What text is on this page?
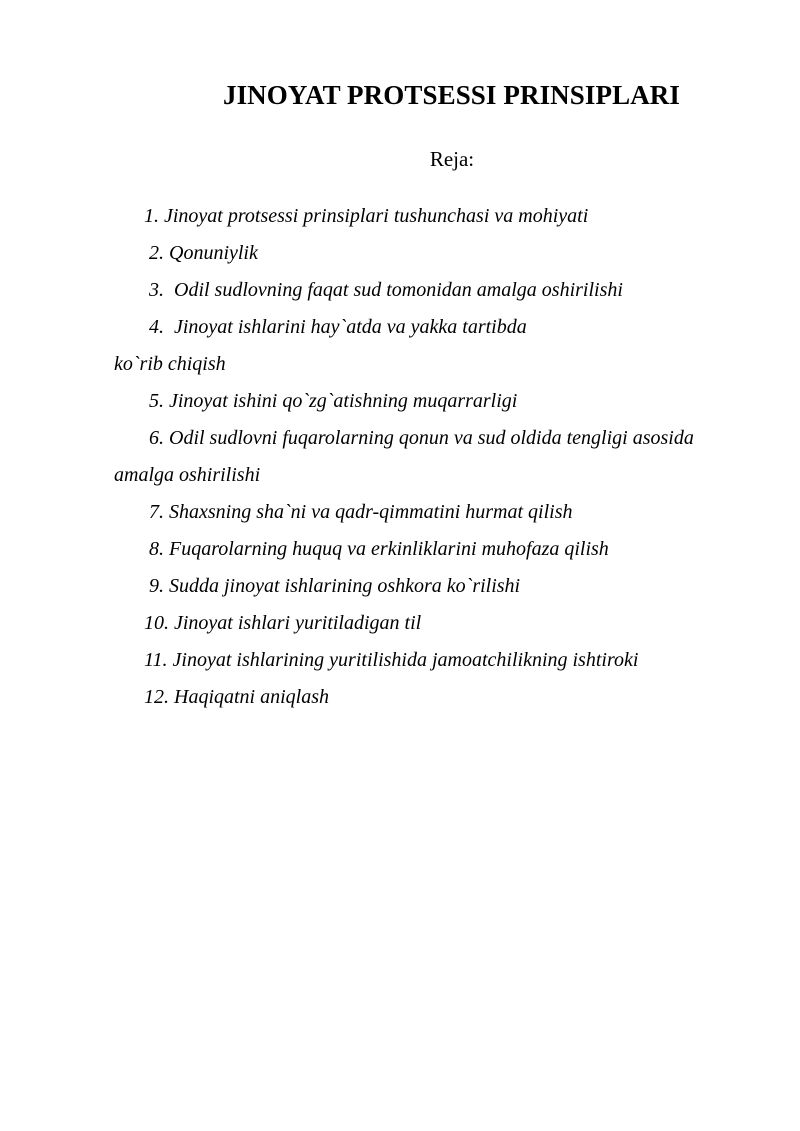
JINOYAT PROTSESSI PRINSIPLARI

Reja:

1. Jinoyat protsessi prinsiplari tushunchasi va mohiyati
2. Qonuniylik
3.  Odil sudlovning faqat sud tomonidan amalga oshirilishi
4.  Jinoyat ishlarini hay`atda va yakka tartibda
ko`rib chiqish
5. Jinoyat ishini qo`zg`atishning muqarrarligi
6. Odil sudlovni fuqarolarning qonun va sud oldida tengligi asosida
amalga oshirilishi
7. Shaxsning sha`ni va qadr-qimmatini hurmat qilish
8. Fuqarolarning huquq va erkinliklarini muhofaza qilish
9. Sudda jinoyat ishlarining oshkora ko`rilishi
10. Jinoyat ishlari yuritiladigan til
11. Jinoyat ishlarining yuritilishida jamoatchilikning ishtiroki
12. Haqiqatni aniqlash
